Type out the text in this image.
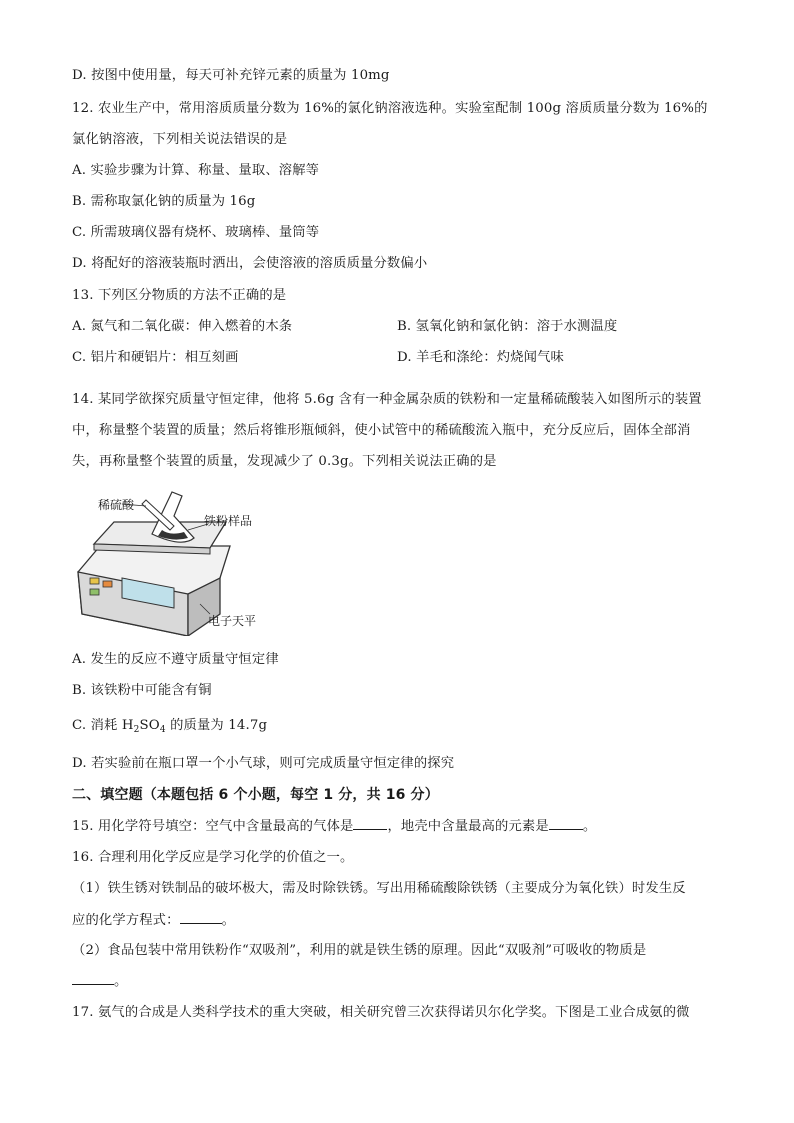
D. 按图中使用量，每天可补充锌元素的质量为 10mg
12. 农业生产中，常用溶质质量分数为 16%的氯化钠溶液选种。实验室配制 100g 溶质质量分数为 16%的
氯化钠溶液，下列相关说法错误的是
A. 实验步骤为计算、称量、量取、溶解等
B. 需称取氯化钠的质量为 16g
C. 所需玻璃仪器有烧杯、玻璃棒、量筒等
D. 将配好的溶液装瓶时洒出，会使溶液的溶质质量分数偏小
13. 下列区分物质的方法不正确的是
A. 氮气和二氧化碳：伸入燃着的木条	B. 氢氧化钠和氯化钠：溶于水测温度
C. 铝片和硬铝片：相互刻画	D. 羊毛和涤纶：灼烧闻气味
14. 某同学欲探究质量守恒定律，他将 5.6g 含有一种金属杂质的铁粉和一定量稀硫酸装入如图所示的装置
中，称量整个装置的质量；然后将锥形瓶倾斜，使小试管中的稀硫酸流入瓶中，充分反应后，固体全部消
失，再称量整个装置的质量，发现减少了 0.3g。下列相关说法正确的是
稀硫酸
铁粉样品
电子天平
A. 发生的反应不遵守质量守恒定律
B. 该铁粉中可能含有铜
C. 消耗 $H_2SO_4$ 的质量为 14.7g
D. 若实验前在瓶口罩一个小气球，则可完成质量守恒定律的探究
二、填空题（本题包括 6 个小题，每空 1 分，共 16 分）
15. 用化学符号填空：空气中含量最高的气体是	，地壳中含量最高的元素是	。
16. 合理利用化学反应是学习化学的价值之一。
（1）铁生锈对铁制品的破坏极大，需及时除铁锈。写出用稀硫酸除铁锈（主要成分为氧化铁）时发生反
应的化学方程式：	。
（2）食品包装中常用铁粉作“双吸剂”，利用的就是铁生锈的原理。因此“双吸剂”可吸收的物质是
。
17. 氨气的合成是人类科学技术的重大突破，相关研究曾三次获得诺贝尔化学奖。下图是工业合成氨的微
